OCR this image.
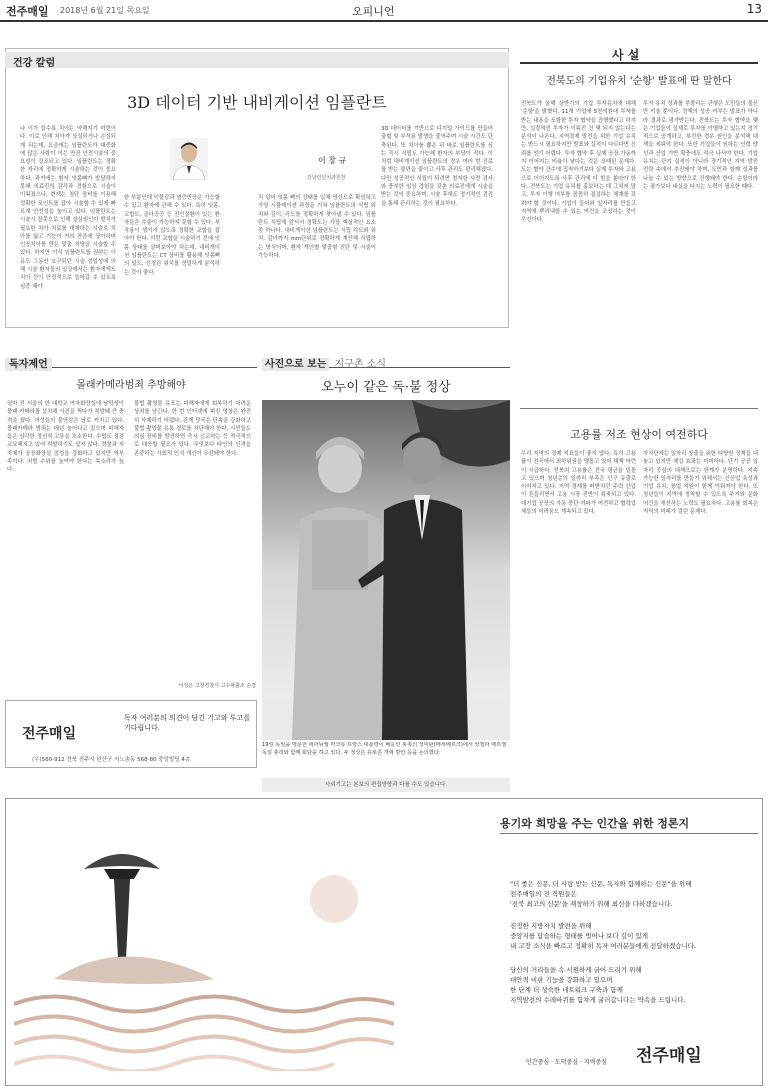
전주매일 2018년 6월 21일 목요일	오피니언	13
건강 칼럼
3D 데이터 기반 내비게이션 임플란트
이 창 규
강남런던치과원장
나 이가 들수록 치아는 약해지기 마련이다. 이로 인해 치아가 상실되거나 손실되게 되는데, 요즘에는 임플란트가 대중화에 많은 사람이 이는 만큼 안전시술의 중요성이 강조되고 있다. 임플란트는 정확한 자리에 정확하게 시술하는 것이 중요하다. 과거에는 환자 잇몸뼈가 발달하지 못해 의료진의 감각과 경험으로 시술이 이뤄졌으나, 현재는 첨단 장비를 이용해 정확한 포인트를 잡아 시술할 수 있게 빠르게 안전성을 높이고 있다. 임플란트는 시술시 잘못으로 인해 상실원인이 발치가 필요한 치아 치료를 대체하는 시술로 치아를 잃고 기능이 거의 잔존에 상이하며 인공치아를 만든 맞춤 처방을 시술할 수 있다. 하지만 이식 임플란트를 권하는 이유도 그동안 요구되던 시술 정밀성에 의해 시술 환자들의 임상에서는 환자에게도 치아 등이 안정적으로 들어갈 수 있도록 심중 해야
한 부분인데 이물감과 염증반응은 가능할 수 있고 환자에 관해 수 있다. 특히 잇몸, 교합도, 골다공증 등 전신질환이 있는 환자들은 수술이 가능하지 못할 수 있다. 부작용이 생기지 않도록 정확한 교합을 잡아야 한다. 이런 교합을 시술하기 전에 잇몸 상태를 살펴보아야 하는데, 내비게이션 임플란트는 CT 장비를 활용해 잇몸뼈의 밀도, 신경관 위치를 정밀하게 분석하는 것이 좋다.
치 덩어 잇몸 뼈의 상태를 입체 영상으로 확인하고 가상 시뮬레이션 과정을 거쳐 임플란트의 식립 위치와 깊이, 각도를 정확하게 찾아낼 수 있다. 임플란트 식립에 앞서서 정확도는 가장 핵심적인 요소 중 하나다. 내비게이션 임플란트는 식립 각도와 위치, 깊이까지 mm단위로 정확하게 계산해 식립하는 방식이며, 환자 개인별 맞춤형 진단 및 시술이 가능하다.
3D 데이터를 기반으로 디지털 가이드를 만들어 출혈 및 부작용 발생을 줄여주며 시술 시간도 단축된다. 또 치아를 뽑은 뒤 바로 임플란트를 심는 즉시 식립도 가능해 환자의 부담이 적다. 이처럼 내비게이션 임플란트의 경우 여러 번 진료를 받는 불편을 줄이고 사후 관리도 편리해졌다. 다만 성공적인 식립이 되려면 철저한 사전 검사와 풍부한 임상 경험을 갖춘 의료진에게 시술을 받는 것이 중요하며, 시술 후에도 정기적인 검진을 통해 관리하는 것이 필요하다.
사 설
전북도의 기업유치 '순항' 발표에 딴 말한다
전북도가 올해 상반기의 기업 투자유치에 대해 '순항'을 밝혔다. 11개 기업에 5천억원대 투자를 받는 내용을 포함한 투자 협약을 진행했다고 하지만, 실질적인 투자가 이뤄진 건 몇 되지 않는다는 분석이 나온다. 지역경제 발전을 위한 기업 유치는 반드시 필요하지만 발표와 실적이 다르다면 신뢰를 얻기 어렵다. 투자 협약 후 실제 공장 가동까지 이어지는 비율이 낮다는 것은 오래된 문제다. 도는 협약 건수에 집착하기보다 실제 투자와 고용으로 이어지도록 사후 관리에 더 힘을 쏟아야 한다. 전북도는 기업 유치를 홍보하는 데 그치지 말고, 투자 이행 여부를 꼼꼼히 점검하는 체계를 갖춰야 할 것이다. 기업이 들어와 일자리를 만들고 지역에 뿌리내릴 수 있는 여건을 조성하는 것이 우선이다.
투자 유치 성과를 부풀리는 관행은 도민들의 불신만 키울 뿐이다. 정책의 성공 여부는 발표가 아니라 결과로 평가받는다. 전북도는 투자 협약을 맺은 기업들이 실제로 투자를 이행하고 있는지 정기적으로 공개하고, 부진한 경우 원인을 분석해 대책을 세워야 한다. 또한 기업들이 원하는 인력 양성과 산업 기반 확충에도 적극 나서야 한다. 기업 유치는 단기 실적이 아니라 장기적인 지역 발전 전략 속에서 추진돼야 하며, 도민과 함께 성과를 나눌 수 있는 방향으로 진행돼야 한다. 순항이라는 평가보다 내실을 다지는 노력이 필요한 때다.
독자제언
몰래카메라범죄 추방해야
얼마 전 서울의 한 대학교 여자화장실에 남학생이 몰래 카메라를 설치해 사진을 찍다가 적발돼 큰 충격을 줬다. 여성들의 불안감은 날로 커지고 있다. 몰래카메라 범죄는 매년 늘어나고 있으며 피해자들은 심각한 정신적 고통을 호소한다. 수법도 점점 교묘해지고 있어 적발하기도 쉽지 않다. 경찰과 지자체가 공공화장실 점검을 강화하고 있지만 역부족이다. 처벌 수위를 높여야 한다는 목소리가 높다.
불법 촬영물 유포는 피해자에게 회복하기 어려운 상처를 남긴다. 한 번 인터넷에 퍼진 영상은 완전히 삭제하기 어렵다. 관계 당국은 단속을 강화하고 불법 촬영물 유통 경로를 차단해야 한다. 시민들도 의심 장비를 발견하면 즉시 신고하는 등 적극적으로 대응할 필요가 있다. 무엇보다 타인의 인격을 존중하는 사회적 인식 개선이 우선돼야 한다.
이상은 고창경찰서 고수파출소 순경
전주매일
독자 여러분의 의견이 담긴 기고와 투고를 기다립니다.
(우)560-912 전북 전주시 완산구 서노송동 568-80 중앙빌딩 4층
사진으로 보는 지구촌 소식
오누이 같은 독·불 정상
19일 독일을 방문한 에마뉘엘 마크롱 프랑스 대통령이 베를린 북쪽의 성미판(메세베르크)에서 앙겔라 메르켈 독일 총리와 함께 회담을 하고 있다. 두 정상은 유로존 개혁 방안 등을 논의했다.
사외기고는 본보의 편집방향과 다를 수도 있습니다.
고용률 저조 현상이 여전하다
우리 지역의 경제 지표들이 좋지 않다. 특히 고용률이 전국에서 최하위권을 맴돌고 있어 대책 마련이 시급하다. 전북의 고용률은 전국 평균을 밑돌고 있으며 청년층의 일자리 부족은 인구 유출로 이어지고 있다. 지역 경제를 떠받치던 주력 산업이 흔들리면서 고용 시장 전반이 위축되고 있다. 대기업 공장의 가동 중단 여파가 여전하고 협력업체들의 어려움도 계속되고 있다.
자치단체는 일자리 창출을 위한 다양한 정책을 내놓고 있지만 체감 효과는 미미하다. 단기 공공 일자리 중심의 대책으로는 한계가 분명하다. 지속 가능한 일자리를 만들기 위해서는 신산업 육성과 기업 유치, 창업 지원이 함께 이뤄져야 한다. 또 청년들이 지역에 정착할 수 있도록 주거와 문화 여건을 개선하는 노력도 필요하다. 고용률 회복은 지역의 미래가 걸린 문제다.
용기와 희망을 주는 인간을 위한 정론지
"더 좋은 신문, 더 사랑 받는 신문, 독자와 함께하는 신문"을 위해
전주매일의 전 직원들은
'전북 최고의 신문'을 재창하기 위해 최선을 다하겠습니다.
진정한 지방자치 발전을 위해
중앙지를 답습하는 형태를 벗어나 보다 깊이 있게
내 고장 소식을 빠르고 정확히 독자 여러분들에게 전달하겠습니다.
당신의 거리들을 속 시원하게 긁어 드리기 위해
대안적 비판 기능을 강화하고 있으며
한 단계 더 성숙한 네트워크 구축과 함께
지역발전의 수레바퀴를 힘차게 굴러갑니다는 약속을 드립니다.
인간중심 · 도덕중심 · 지역중심 전주매일
